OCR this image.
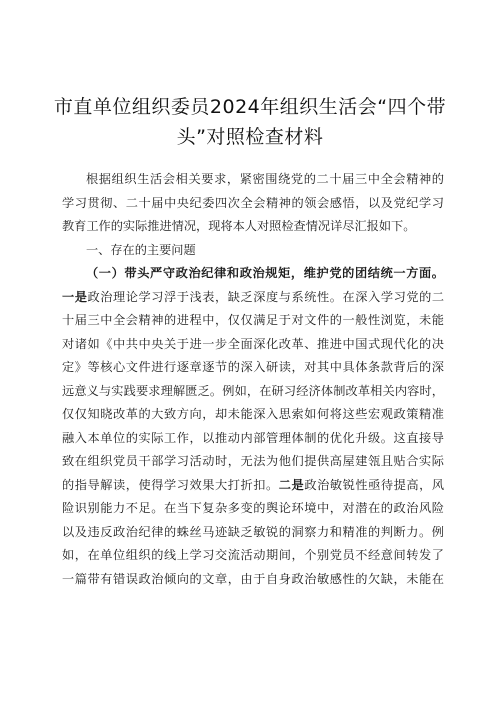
市直单位组织委员2024年组织生活会“四个带
头”对照检查材料
根据组织生活会相关要求，紧密围绕党的二十届三中全会精神的
学习贯彻、二十届中央纪委四次全会精神的领会感悟，以及党纪学习
教育工作的实际推进情况，现将本人对照检查情况详尽汇报如下。
一、存在的主要问题
（一）带头严守政治纪律和政治规矩，维护党的团结统一方面。
一是政治理论学习浮于浅表，缺乏深度与系统性。在深入学习党的二
十届三中全会精神的进程中，仅仅满足于对文件的一般性浏览，未能
对诸如《中共中央关于进一步全面深化改革、推进中国式现代化的决
定》等核心文件进行逐章逐节的深入研读，对其中具体条款背后的深
远意义与实践要求理解匮乏。例如，在研习经济体制改革相关内容时，
仅仅知晓改革的大致方向，却未能深入思索如何将这些宏观政策精准
融入本单位的实际工作，以推动内部管理体制的优化升级。这直接导
致在组织党员干部学习活动时，无法为他们提供高屋建瓴且贴合实际
的指导解读，使得学习效果大打折扣。二是政治敏锐性亟待提高，风
险识别能力不足。在当下复杂多变的舆论环境中，对潜在的政治风险
以及违反政治纪律的蛛丝马迹缺乏敏锐的洞察力和精准的判断力。例
如，在单位组织的线上学习交流活动期间，个别党员不经意间转发了
一篇带有错误政治倾向的文章，由于自身政治敏感性的欠缺，未能在
